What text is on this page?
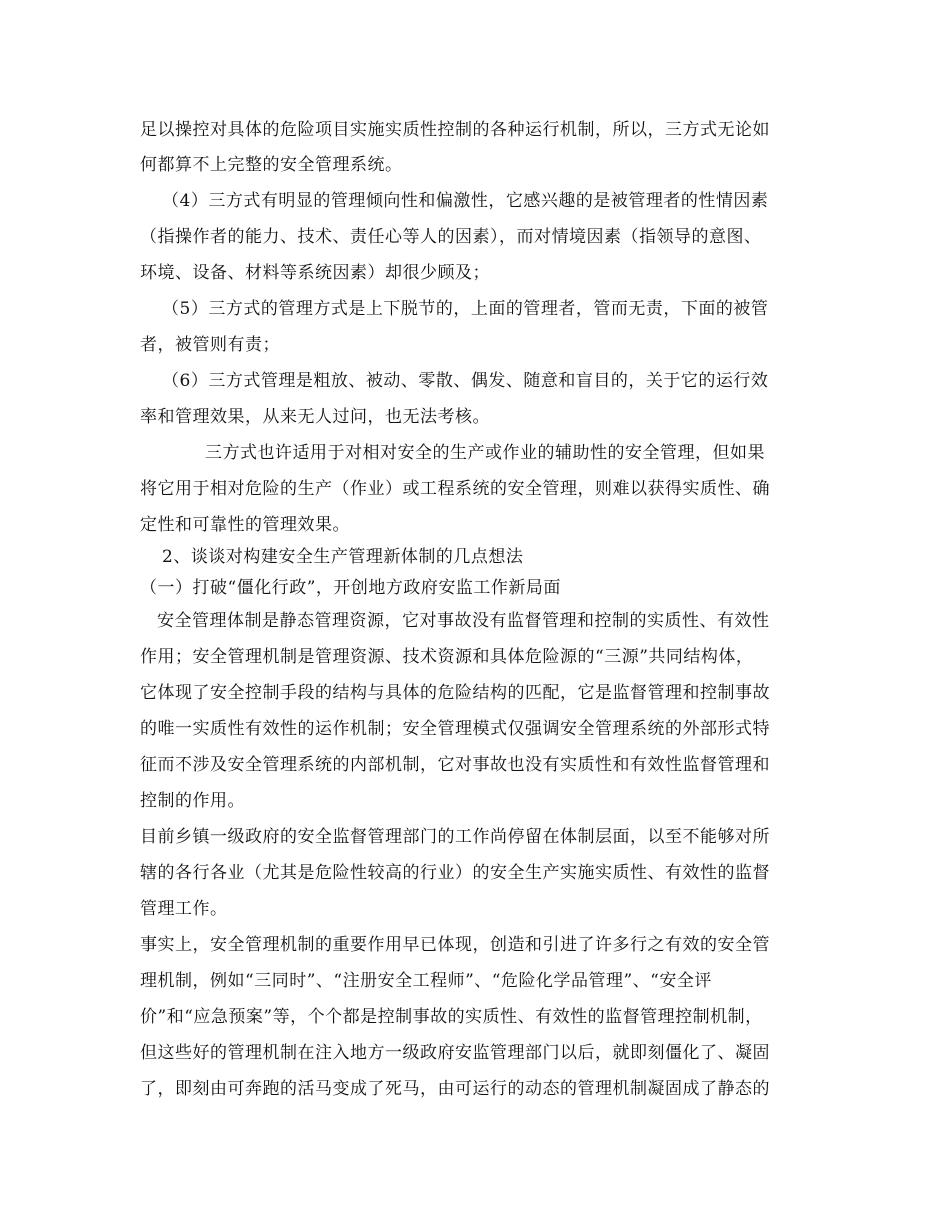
足以操控对具体的危险项目实施实质性控制的各种运行机制，所以，三方式无论如

何都算不上完整的安全管理系统。

（4）三方式有明显的管理倾向性和偏激性，它感兴趣的是被管理者的性情因素

（指操作者的能力、技术、责任心等人的因素），而对情境因素（指领导的意图、

环境、设备、材料等系统因素）却很少顾及；

（5）三方式的管理方式是上下脱节的，上面的管理者，管而无责，下面的被管

者，被管则有责；

（6）三方式管理是粗放、被动、零散、偶发、随意和盲目的，关于它的运行效

率和管理效果，从来无人过问，也无法考核。

三方式也许适用于对相对安全的生产或作业的辅助性的安全管理，但如果

将它用于相对危险的生产（作业）或工程系统的安全管理，则难以获得实质性、确

定性和可靠性的管理效果。

2、谈谈对构建安全生产管理新体制的几点想法

（一）打破“僵化行政”，开创地方政府安监工作新局面

安全管理体制是静态管理资源，它对事故没有监督管理和控制的实质性、有效性

作用；安全管理机制是管理资源、技术资源和具体危险源的“三源”共同结构体，

它体现了安全控制手段的结构与具体的危险结构的匹配，它是监督管理和控制事故

的唯一实质性有效性的运作机制；安全管理模式仅强调安全管理系统的外部形式特

征而不涉及安全管理系统的内部机制，它对事故也没有实质性和有效性监督管理和

控制的作用。

目前乡镇一级政府的安全监督管理部门的工作尚停留在体制层面，以至不能够对所

辖的各行各业（尤其是危险性较高的行业）的安全生产实施实质性、有效性的监督

管理工作。

事实上，安全管理机制的重要作用早已体现，创造和引进了许多行之有效的安全管

理机制，例如“三同时”、“注册安全工程师”、“危险化学品管理”、“安全评

价”和“应急预案”等，个个都是控制事故的实质性、有效性的监督管理控制机制，

但这些好的管理机制在注入地方一级政府安监管理部门以后，就即刻僵化了、凝固

了，即刻由可奔跑的活马变成了死马，由可运行的动态的管理机制凝固成了静态的
